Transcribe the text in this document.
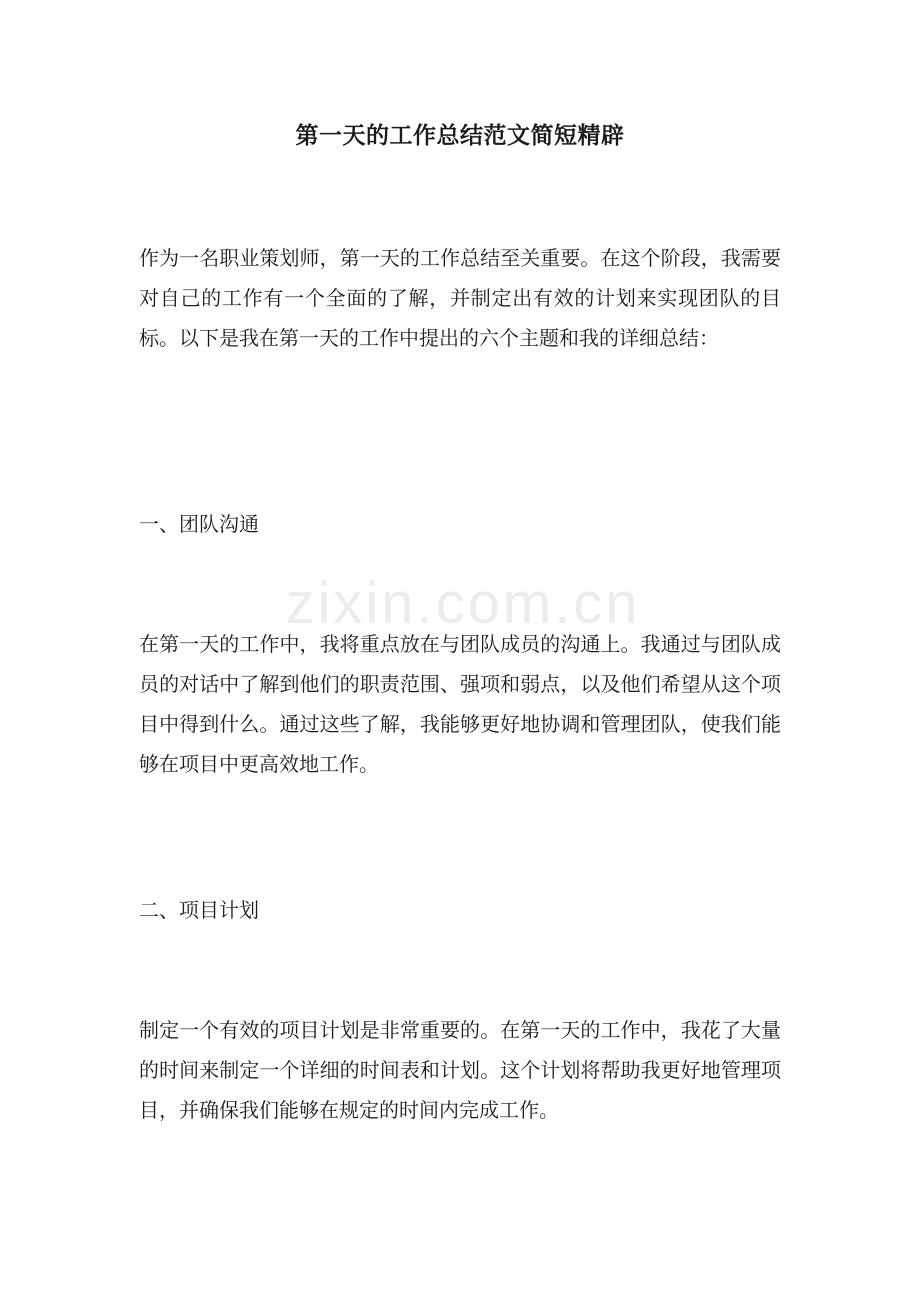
第一天的工作总结范文简短精辟

作为一名职业策划师，第一天的工作总结至关重要。在这个阶段，我需要对自己的工作有一个全面的了解，并制定出有效的计划来实现团队的目标。以下是我在第一天的工作中提出的六个主题和我的详细总结：

一、团队沟通

在第一天的工作中，我将重点放在与团队成员的沟通上。我通过与团队成员的对话中了解到他们的职责范围、强项和弱点，以及他们希望从这个项目中得到什么。通过这些了解，我能够更好地协调和管理团队，使我们能够在项目中更高效地工作。

二、项目计划

制定一个有效的项目计划是非常重要的。在第一天的工作中，我花了大量的时间来制定一个详细的时间表和计划。这个计划将帮助我更好地管理项目，并确保我们能够在规定的时间内完成工作。

zixin.com.cn
